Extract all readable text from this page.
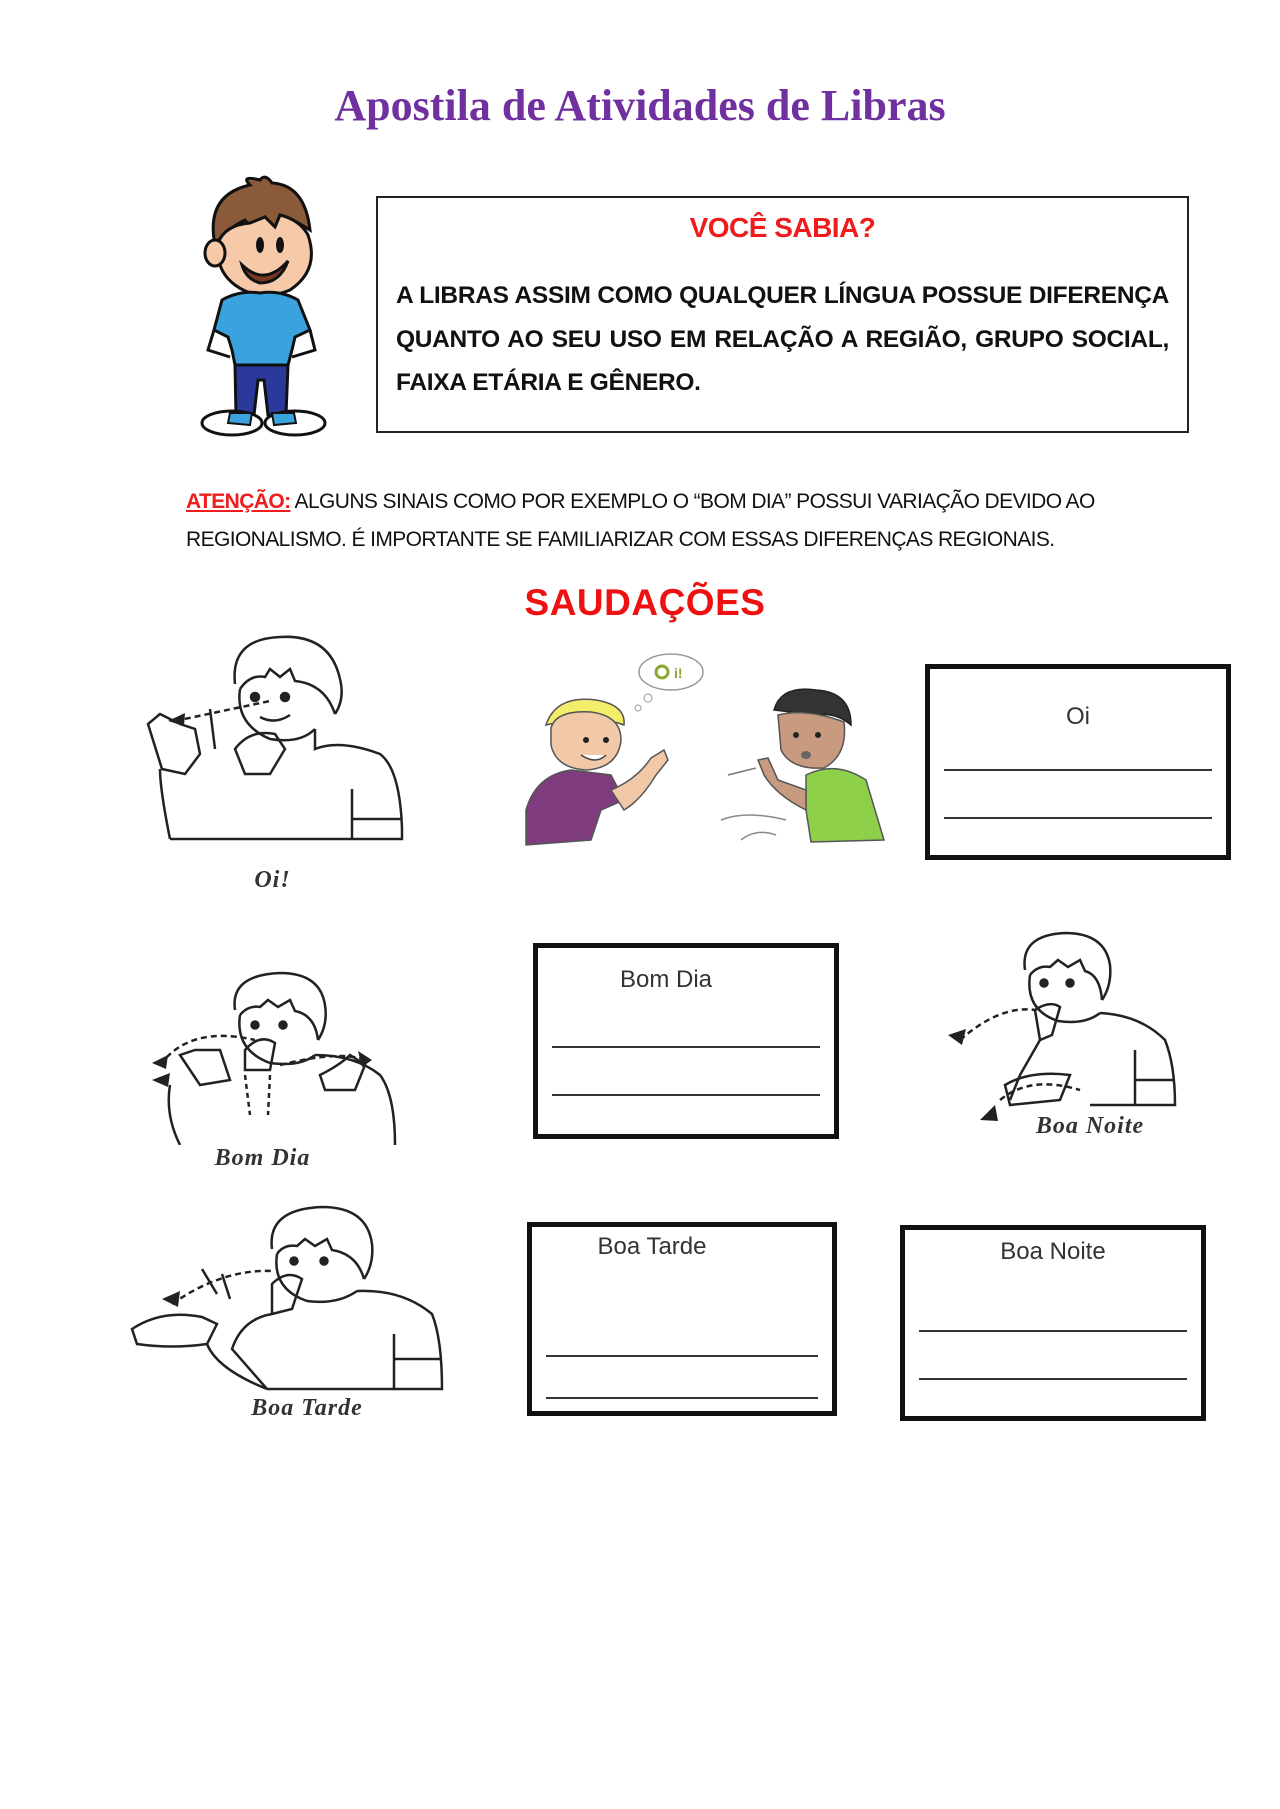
Apostila de Atividades de Libras
VOCÊ SABIA?
A LIBRAS ASSIM COMO QUALQUER LÍNGUA POSSUE DIFERENÇA QUANTO AO SEU USO EM RELAÇÃO A REGIÃO, GRUPO SOCIAL, FAIXA ETÁRIA E GÊNERO.
ATENÇÃO: ALGUNS SINAIS COMO POR EXEMPLO O “BOM DIA” POSSUI VARIAÇÃO DEVIDO AO REGIONALISMO. É IMPORTANTE SE FAMILIARIZAR COM ESSAS DIFERENÇAS REGIONAIS.
SAUDAÇÕES
Oi!
i!
Oi
Bom Dia
Bom Dia
Boa Noite
Boa Tarde
Boa Tarde	Boa Noite
